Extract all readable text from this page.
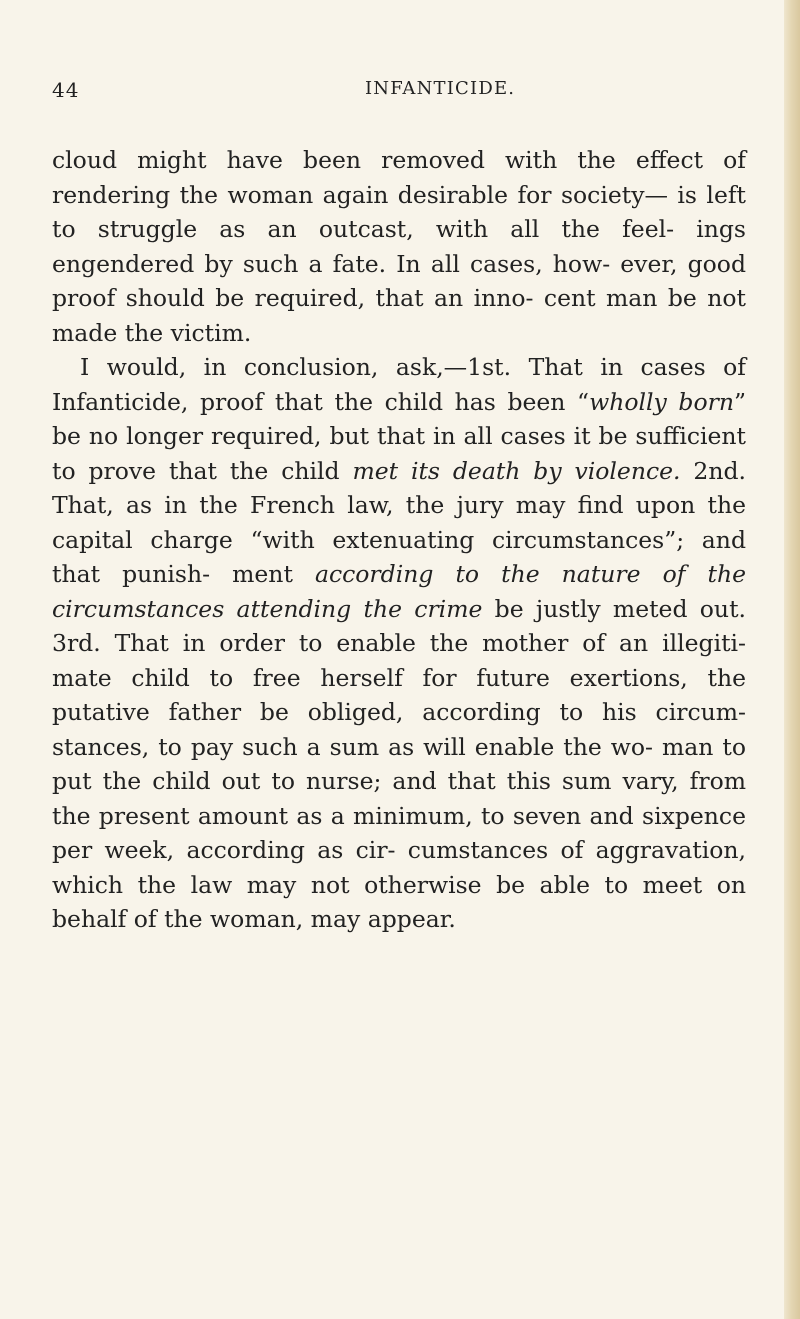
44	INFANTICIDE.

cloud might have been removed with the effect of rendering the woman again desirable for society— is left to struggle as an outcast, with all the feel- ings engendered by such a fate. In all cases, how- ever, good proof should be required, that an inno- cent man be not made the victim.

I would, in conclusion, ask,—1st. That in cases of Infanticide, proof that the child has been “wholly born” be no longer required, but that in all cases it be sufficient to prove that the child met its death by violence. 2nd. That, as in the French law, the jury may find upon the capital charge “with extenuating circumstances”; and that punish- ment according to the nature of the circumstances attending the crime be justly meted out. 3rd. That in order to enable the mother of an illegiti- mate child to free herself for future exertions, the putative father be obliged, according to his circum- stances, to pay such a sum as will enable the wo- man to put the child out to nurse; and that this sum vary, from the present amount as a minimum, to seven and sixpence per week, according as cir- cumstances of aggravation, which the law may not otherwise be able to meet on behalf of the woman, may appear.
